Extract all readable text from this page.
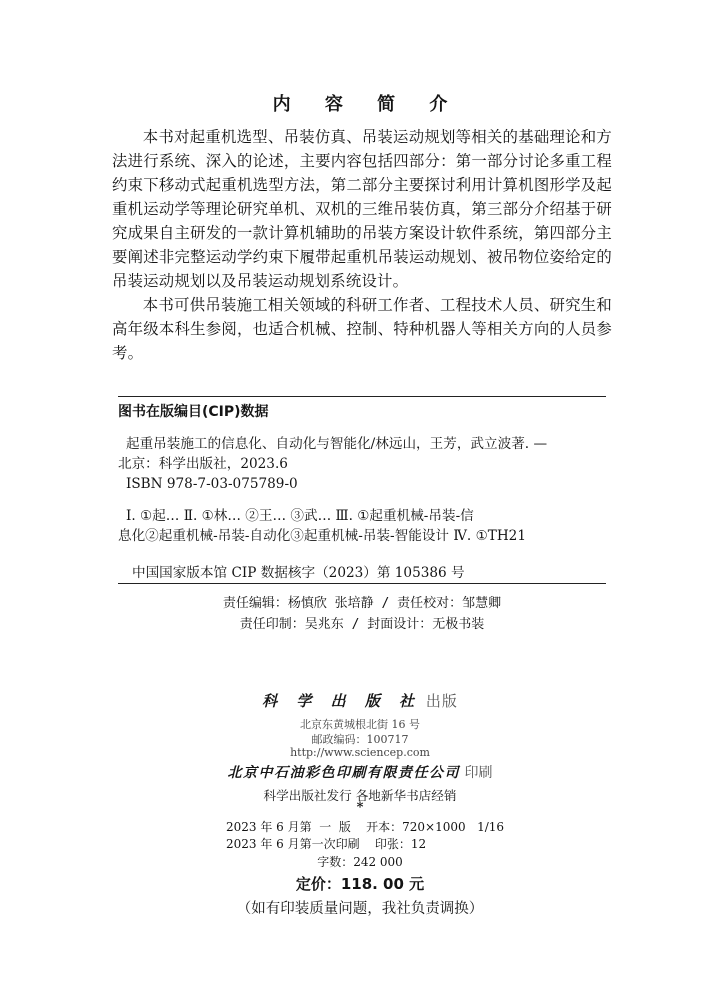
内 容 简 介

本书对起重机选型、吊装仿真、吊装运动规划等相关的基础理论和方法进行系统、深入的论述，主要内容包括四部分：第一部分讨论多重工程约束下移动式起重机选型方法，第二部分主要探讨利用计算机图形学及起重机运动学等理论研究单机、双机的三维吊装仿真，第三部分介绍基于研究成果自主研发的一款计算机辅助的吊装方案设计软件系统，第四部分主要阐述非完整运动学约束下履带起重机吊装运动规划、被吊物位姿给定的吊装运动规划以及吊装运动规划系统设计。

本书可供吊装施工相关领域的科研工作者、工程技术人员、研究生和高年级本科生参阅，也适合机械、控制、特种机器人等相关方向的人员参考。

图书在版编目(CIP)数据

起重吊装施工的信息化、自动化与智能化/林远山，王芳，武立波著. —

北京：科学出版社，2023.6

ISBN 978-7-03-075789-0

Ⅰ. ①起… Ⅱ. ①林… ②王… ③武… Ⅲ. ①起重机械-吊装-信

息化②起重机械-吊装-自动化③起重机械-吊装-智能设计 Ⅳ. ①TH21

中国国家版本馆 CIP 数据核字（2023）第 105386 号
责任编辑：杨慎欣 张培静 / 责任校对：邹慧卿
责任印制：吴兆东 / 封面设计：无极书装
科 学 出 版 社 出版
北京东黄城根北街 16 号
邮政编码：100717
http://www.sciencep.com
北京中石油彩色印刷有限责任公司 印刷
科学出版社发行 各地新华书店经销
*
2023 年 6 月第  一  版    开本：720×1000   1/16
2023 年 6 月第一次印刷    印张：12
字数：242 000
定价：118. 00 元
（如有印装质量问题，我社负责调换）
